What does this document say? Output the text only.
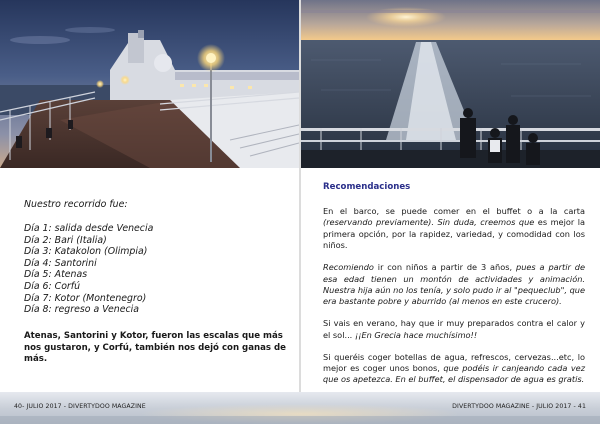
Nuestro recorrido fue:

Día 1: salida desde Venecia
Día 2: Bari (Italia)
Día 3: Katakolon (Olimpia)
Día 4: Santorini
Día 5: Atenas
Día 6: Corfú
Día 7: Kotor (Montenegro)
Día 8: regreso a Venecia

Atenas, Santorini y Kotor, fueron las escalas que más nos gustaron, y Corfú, también nos dejó con ganas de más.

Recomendaciones

En el barco, se puede comer en el buffet o a la carta (reservando previamente). Sin duda, creemos que es mejor la primera opción, por la rapidez, variedad, y comodidad con los niños.

Recomiendo ir con niños a partir de 3 años, pues a partir de esa edad tienen un montón de actividades y animación. Nuestra hija aún no los tenía, y solo pudo ir al "pequeclub", que era bastante pobre y aburrido (al menos en este crucero).

Si vais en verano, hay que ir muy preparados contra el calor y el sol... ¡¡En Grecia hace muchísimo!!

Si queréis coger botellas de agua, refrescos, cervezas...etc, lo mejor es coger unos bonos, que podéis ir canjeando cada vez que os apetezca. En el buffet, el dispensador de agua es gratis.

40- JULIO 2017 - DIVERTYDOO MAGAZINE	DIVERTYDOO MAGAZINE - JULIO 2017 - 41
